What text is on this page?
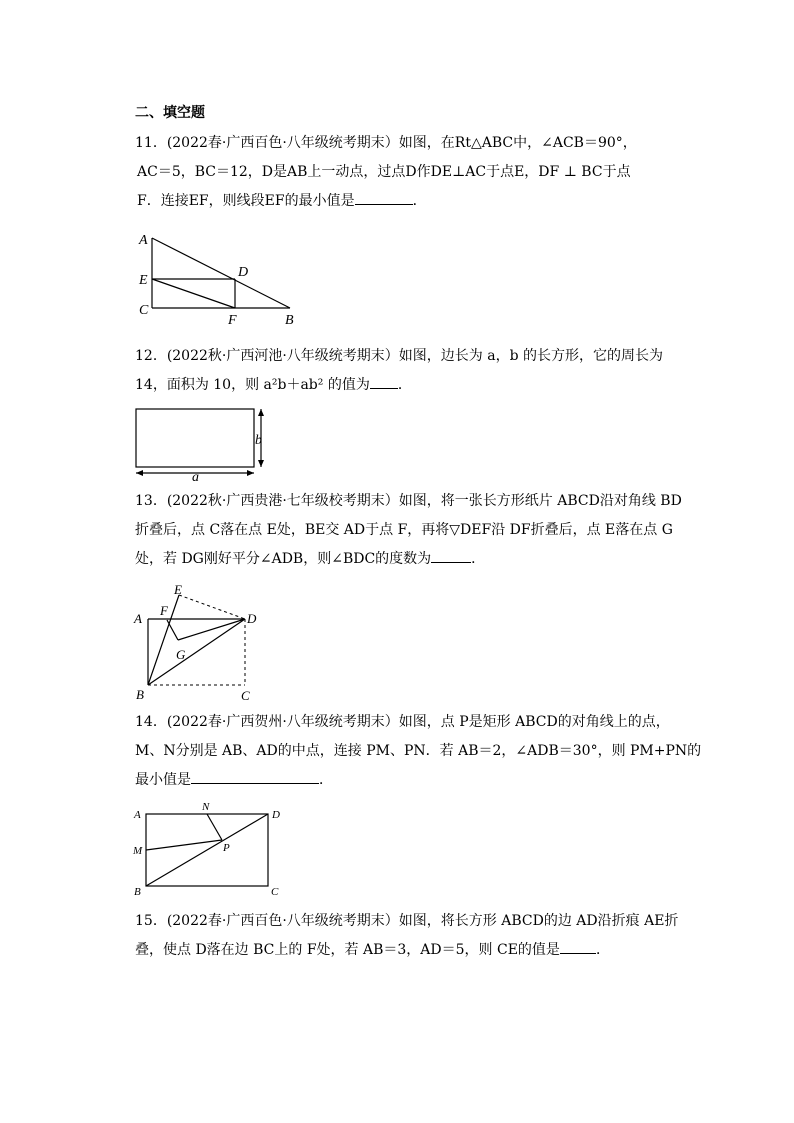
二、填空题
11．(2022春·广西百色·八年级统考期末）如图，在Rt△ABC中，∠ACB＝90°，
AC＝5，BC＝12，D是AB上一动点，过点D作DE⊥AC于点E，DF ⊥ BC于点
F．连接EF，则线段EF的最小值是	．
A
E
C
D
F	B
12．(2022秋·广西河池·八年级统考期末）如图，边长为 a，b 的长方形，它的周长为
14，面积为 10，则 a²b＋ab² 的值为 ．
a
b
13．(2022秋·广西贵港·七年级校考期末）如图，将一张长方形纸片 ABCD沿对角线 BD
折叠后，点 C落在点 E处，BE交 AD于点 F，再将▽DEF沿 DF折叠后，点 E落在点 G
处，若 DG刚好平分∠ADB，则∠BDC的度数为	．
A
E
F
D
G
B	C
14．(2022春·广西贺州·八年级统考期末）如图，点 P是矩形 ABCD的对角线上的点，
M、N分别是 AB、AD的中点，连接 PM、PN．若 AB＝2，∠ADB＝30°，则 PM+PN的
最小值是	．
A
N
D
M	P
B	C
15．(2022春·广西百色·八年级统考期末）如图，将长方形 ABCD的边 AD沿折痕 AE折
叠，使点 D落在边 BC上的 F处，若 AB＝3，AD＝5，则 CE的值是	．
